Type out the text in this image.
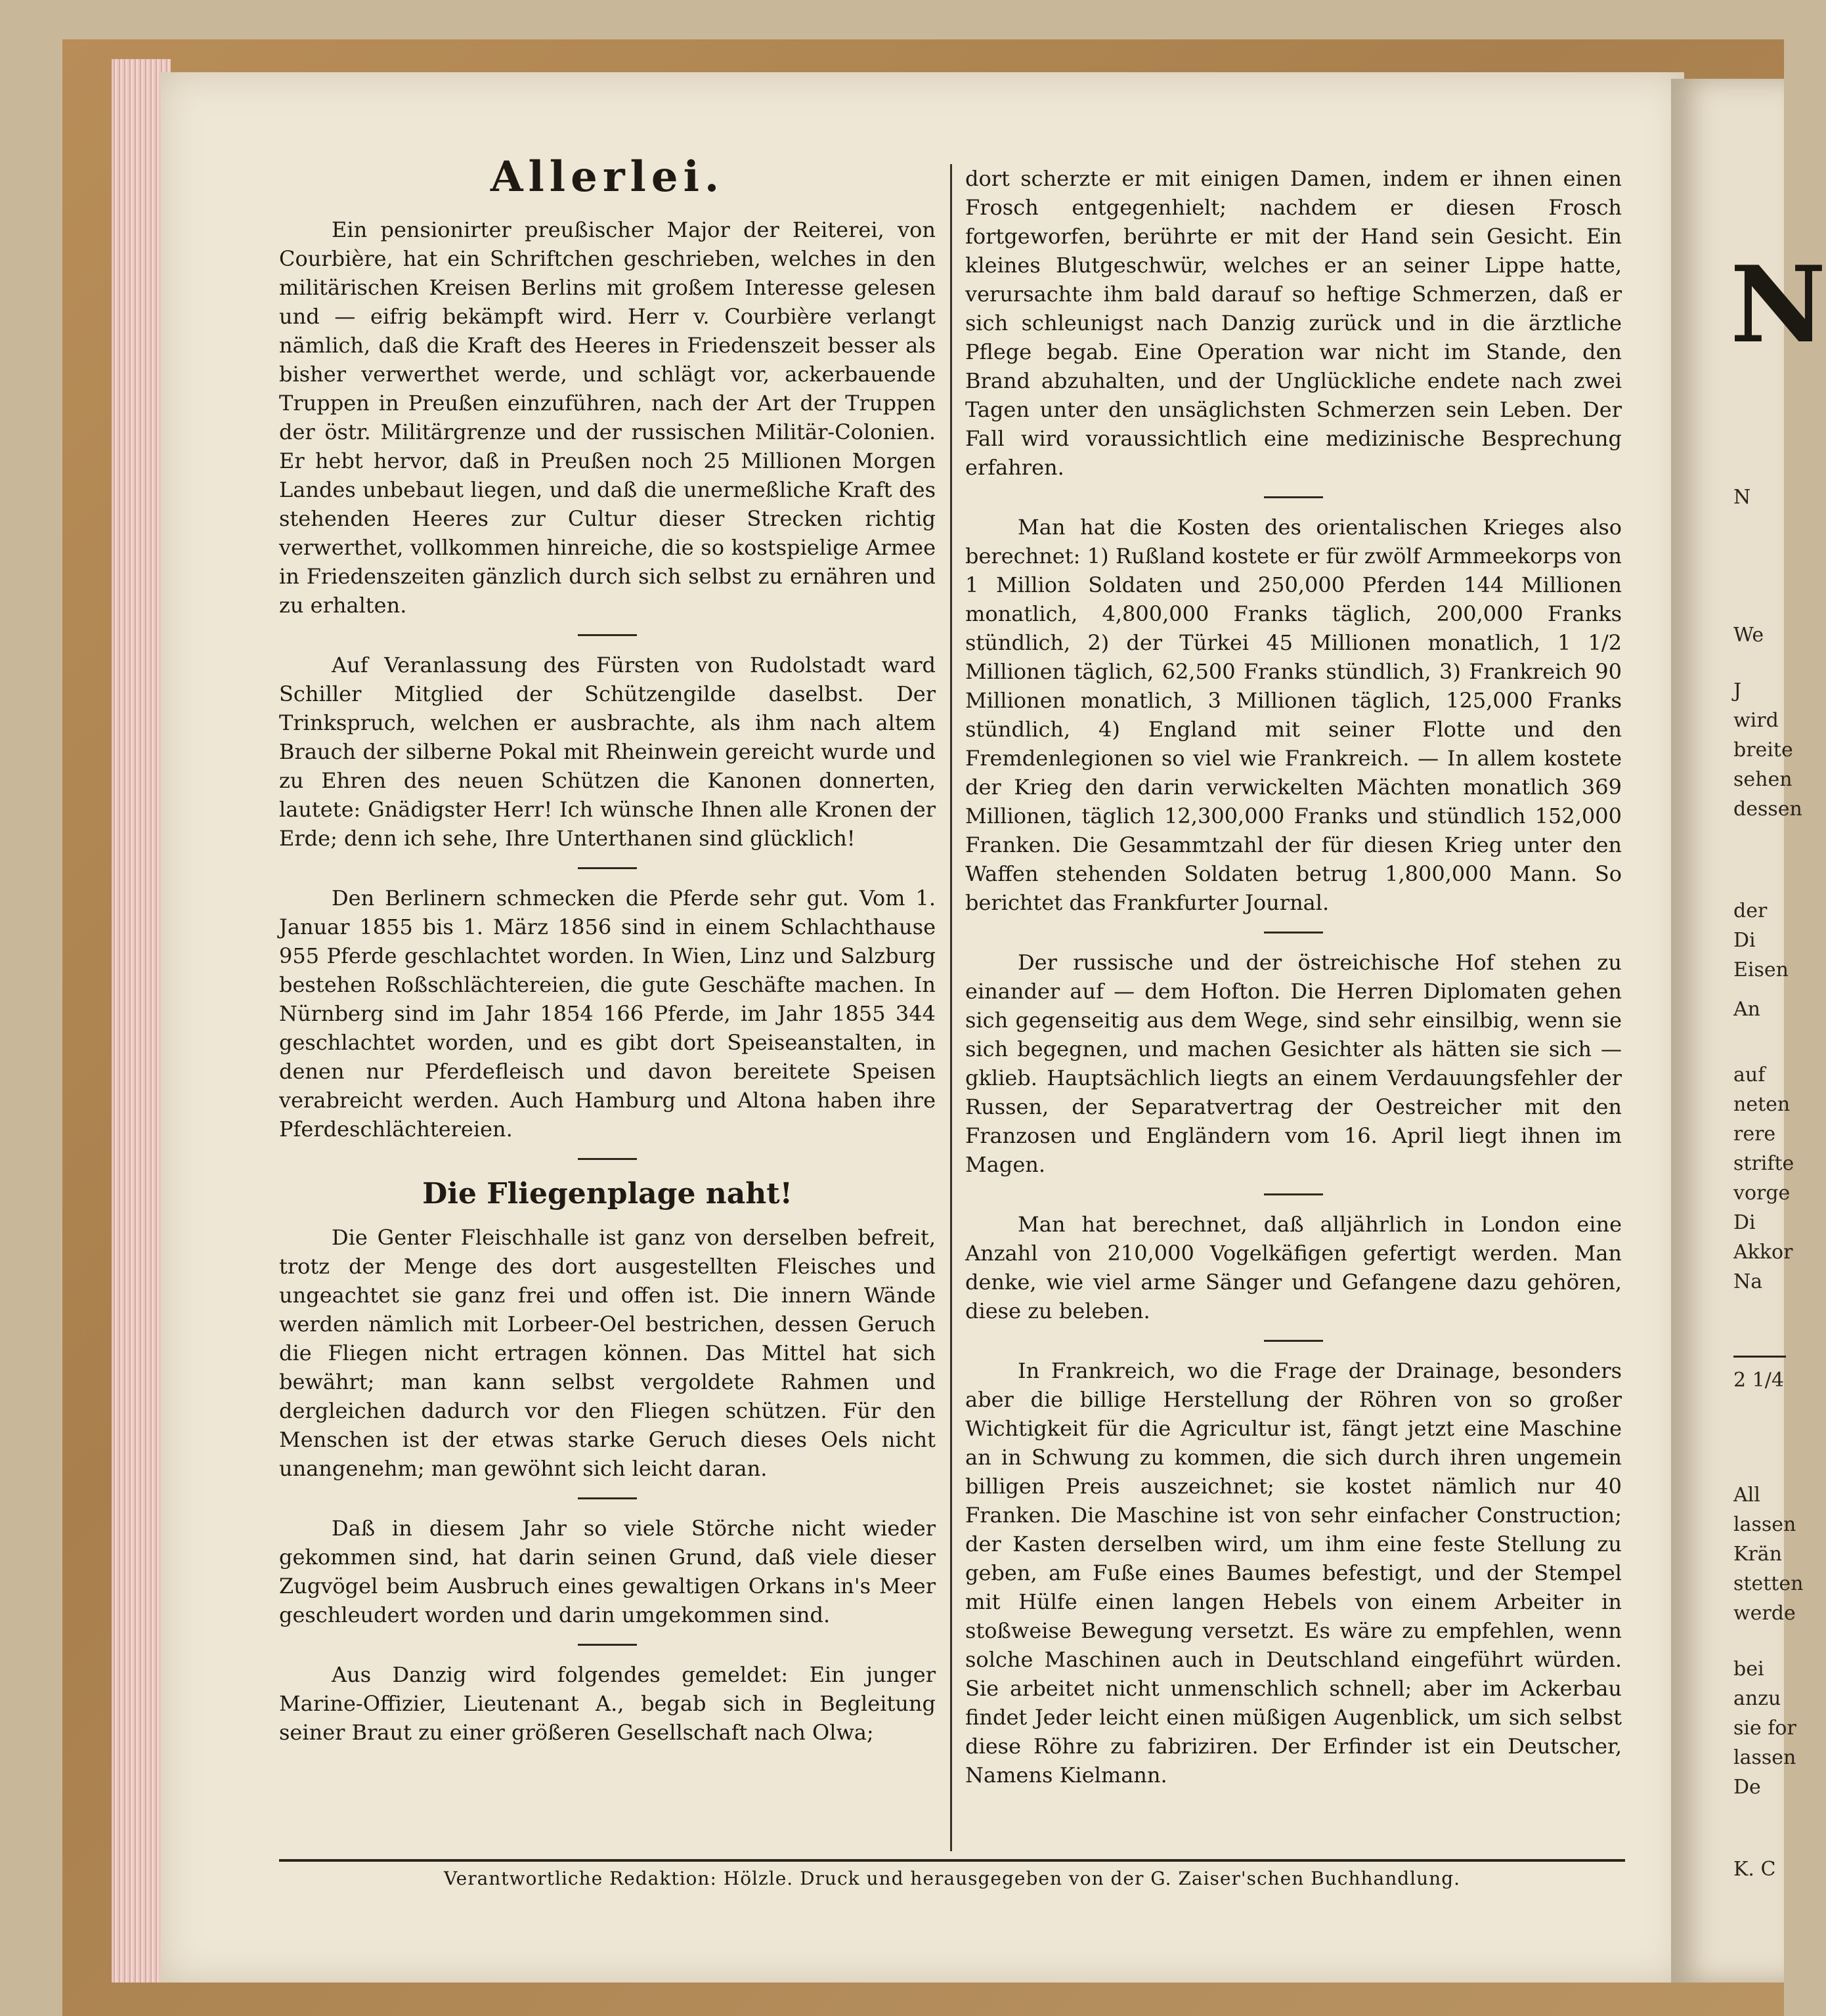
N
N
We
J
wird
breite
sehen
dessen
der
Di
Eisen
An
auf
neten
rere
strifte
vorge
Di
Akkor
Na
2 1/4
All
lassen
Krän
stetten
werde
bei
anzu
sie for
lassen
De
K. C
Allerlei.

Ein pensionirter preußischer Major der Reiterei, von Courbière, hat ein Schriftchen geschrieben, welches in den militärischen Kreisen Berlins mit großem Interesse gelesen und — eifrig bekämpft wird. Herr v. Courbière verlangt nämlich, daß die Kraft des Heeres in Friedenszeit besser als bisher verwerthet werde, und schlägt vor, ackerbauende Truppen in Preußen einzuführen, nach der Art der Truppen der östr. Militärgrenze und der russischen Militär-Colonien. Er hebt hervor, daß in Preußen noch 25 Millionen Morgen Landes unbebaut liegen, und daß die unermeßliche Kraft des stehenden Heeres zur Cultur dieser Strecken richtig verwerthet, vollkommen hinreiche, die so kostspielige Armee in Friedenszeiten gänzlich durch sich selbst zu ernähren und zu erhalten.

Auf Veranlassung des Fürsten von Rudolstadt ward Schiller Mitglied der Schützengilde daselbst. Der Trinkspruch, welchen er ausbrachte, als ihm nach altem Brauch der silberne Pokal mit Rheinwein gereicht wurde und zu Ehren des neuen Schützen die Kanonen donnerten, lautete: Gnädigster Herr! Ich wünsche Ihnen alle Kronen der Erde; denn ich sehe, Ihre Unterthanen sind glücklich!

Den Berlinern schmecken die Pferde sehr gut. Vom 1. Januar 1855 bis 1. März 1856 sind in einem Schlachthause 955 Pferde geschlachtet worden. In Wien, Linz und Salzburg bestehen Roßschlächtereien, die gute Geschäfte machen. In Nürnberg sind im Jahr 1854 166 Pferde, im Jahr 1855 344 geschlachtet worden, und es gibt dort Speiseanstalten, in denen nur Pferdefleisch und davon bereitete Speisen verabreicht werden. Auch Hamburg und Altona haben ihre Pferdeschlächtereien.

Die Fliegenplage naht!

Die Genter Fleischhalle ist ganz von derselben befreit, trotz der Menge des dort ausgestellten Fleisches und ungeachtet sie ganz frei und offen ist. Die innern Wände werden nämlich mit Lorbeer-Oel bestrichen, dessen Geruch die Fliegen nicht ertragen können. Das Mittel hat sich bewährt; man kann selbst vergoldete Rahmen und dergleichen dadurch vor den Fliegen schützen. Für den Menschen ist der etwas starke Geruch dieses Oels nicht unangenehm; man gewöhnt sich leicht daran.

Daß in diesem Jahr so viele Störche nicht wieder gekommen sind, hat darin seinen Grund, daß viele dieser Zugvögel beim Ausbruch eines gewaltigen Orkans in's Meer geschleudert worden und darin umgekommen sind.

Aus Danzig wird folgendes gemeldet: Ein junger Marine-Offizier, Lieutenant A., begab sich in Begleitung seiner Braut zu einer größeren Gesellschaft nach Olwa;

dort scherzte er mit einigen Damen, indem er ihnen einen Frosch entgegenhielt; nachdem er diesen Frosch fortgeworfen, berührte er mit der Hand sein Gesicht. Ein kleines Blutgeschwür, welches er an seiner Lippe hatte, verursachte ihm bald darauf so heftige Schmerzen, daß er sich schleunigst nach Danzig zurück und in die ärztliche Pflege begab. Eine Operation war nicht im Stande, den Brand abzuhalten, und der Unglückliche endete nach zwei Tagen unter den unsäglichsten Schmerzen sein Leben. Der Fall wird voraussichtlich eine medizinische Besprechung erfahren.

Man hat die Kosten des orientalischen Krieges also berechnet: 1) Rußland kostete er für zwölf Armmeekorps von 1 Million Soldaten und 250,000 Pferden 144 Millionen monatlich, 4,800,000 Franks täglich, 200,000 Franks stündlich, 2) der Türkei 45 Millionen monatlich, 1 1/2 Millionen täglich, 62,500 Franks stündlich, 3) Frankreich 90 Millionen monatlich, 3 Millionen täglich, 125,000 Franks stündlich, 4) England mit seiner Flotte und den Fremdenlegionen so viel wie Frankreich. — In allem kostete der Krieg den darin verwickelten Mächten monatlich 369 Millionen, täglich 12,300,000 Franks und stündlich 152,000 Franken. Die Gesammtzahl der für diesen Krieg unter den Waffen stehenden Soldaten betrug 1,800,000 Mann. So berichtet das Frankfurter Journal.

Der russische und der östreichische Hof stehen zu einander auf — dem Hofton. Die Herren Diplomaten gehen sich gegenseitig aus dem Wege, sind sehr einsilbig, wenn sie sich begegnen, und machen Gesichter als hätten sie sich — gklieb. Hauptsächlich liegts an einem Verdauungsfehler der Russen, der Separatvertrag der Oestreicher mit den Franzosen und Engländern vom 16. April liegt ihnen im Magen.

Man hat berechnet, daß alljährlich in London eine Anzahl von 210,000 Vogelkäfigen gefertigt werden. Man denke, wie viel arme Sänger und Gefangene dazu gehören, diese zu beleben.

In Frankreich, wo die Frage der Drainage, besonders aber die billige Herstellung der Röhren von so großer Wichtigkeit für die Agricultur ist, fängt jetzt eine Maschine an in Schwung zu kommen, die sich durch ihren ungemein billigen Preis auszeichnet; sie kostet nämlich nur 40 Franken. Die Maschine ist von sehr einfacher Construction; der Kasten derselben wird, um ihm eine feste Stellung zu geben, am Fuße eines Baumes befestigt, und der Stempel mit Hülfe einen langen Hebels von einem Arbeiter in stoßweise Bewegung versetzt. Es wäre zu empfehlen, wenn solche Maschinen auch in Deutschland eingeführt würden. Sie arbeitet nicht unmenschlich schnell; aber im Ackerbau findet Jeder leicht einen müßigen Augenblick, um sich selbst diese Röhre zu fabriziren. Der Erfinder ist ein Deutscher, Namens Kielmann.

Verantwortliche Redaktion: Hölzle. Druck und herausgegeben von der G. Zaiser'schen Buchhandlung.
